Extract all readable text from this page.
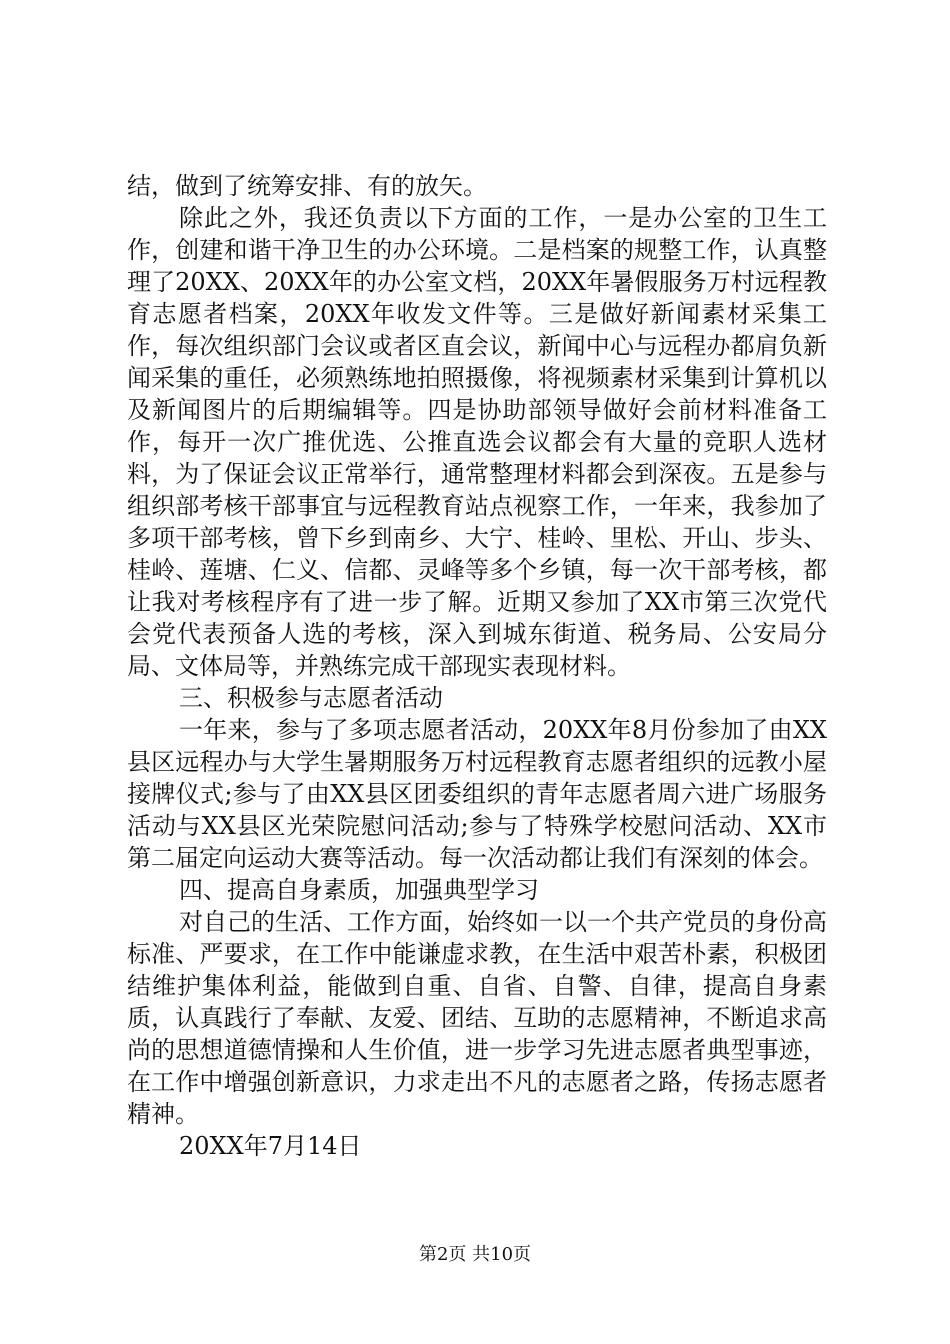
结，做到了统筹安排、有的放矢。

除此之外，我还负责以下方面的工作，一是办公室的卫生工作，创建和谐干净卫生的办公环境。二是档案的规整工作，认真整理了20XX、20XX年的办公室文档，20XX年暑假服务万村远程教育志愿者档案，20XX年收发文件等。三是做好新闻素材采集工作，每次组织部门会议或者区直会议，新闻中心与远程办都肩负新闻采集的重任，必须熟练地拍照摄像，将视频素材采集到计算机以及新闻图片的后期编辑等。四是协助部领导做好会前材料准备工作，每开一次广推优选、公推直选会议都会有大量的竞职人选材料，为了保证会议正常举行，通常整理材料都会到深夜。五是参与组织部考核干部事宜与远程教育站点视察工作，一年来，我参加了多项干部考核，曾下乡到南乡、大宁、桂岭、里松、开山、步头、桂岭、莲塘、仁义、信都、灵峰等多个乡镇，每一次干部考核，都让我对考核程序有了进一步了解。近期又参加了XX市第三次党代会党代表预备人选的考核，深入到城东街道、税务局、公安局分局、文体局等，并熟练完成干部现实表现材料。

三、积极参与志愿者活动

一年来，参与了多项志愿者活动，20XX年8月份参加了由XX县区远程办与大学生暑期服务万村远程教育志愿者组织的远教小屋接牌仪式;参与了由XX县区团委组织的青年志愿者周六进广场服务活动与XX县区光荣院慰问活动;参与了特殊学校慰问活动、XX市第二届定向运动大赛等活动。每一次活动都让我们有深刻的体会。

四、提高自身素质，加强典型学习

对自己的生活、工作方面，始终如一以一个共产党员的身份高标准、严要求，在工作中能谦虚求教，在生活中艰苦朴素，积极团结维护集体利益，能做到自重、自省、自警、自律，提高自身素质，认真践行了奉献、友爱、团结、互助的志愿精神，不断追求高尚的思想道德情操和人生价值，进一步学习先进志愿者典型事迹，在工作中增强创新意识，力求走出不凡的志愿者之路，传扬志愿者精神。

20XX年7月14日

第2页 共10页
